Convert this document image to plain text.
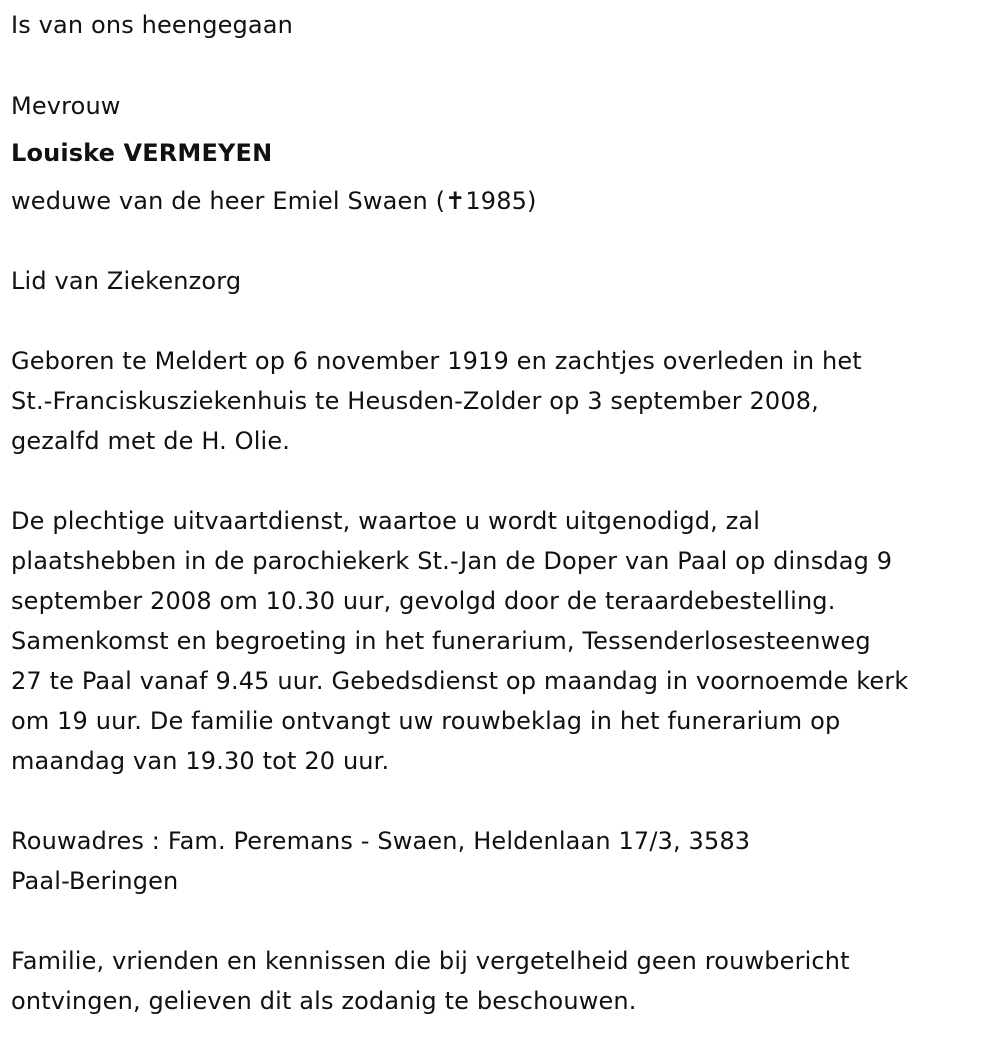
Is van ons heengegaan
Mevrouw
Louiske VERMEYEN
weduwe van de heer Emiel Swaen (✝1985)
Lid van Ziekenzorg
Geboren te Meldert op 6 november 1919 en zachtjes overleden in het
St.-Franciskusziekenhuis te Heusden-Zolder op 3 september 2008,
gezalfd met de H. Olie.
De plechtige uitvaartdienst, waartoe u wordt uitgenodigd, zal
plaatshebben in de parochiekerk St.-Jan de Doper van Paal op dinsdag 9
september 2008 om 10.30 uur, gevolgd door de teraardebestelling.
Samenkomst en begroeting in het funerarium, Tessenderlosesteenweg
27 te Paal vanaf 9.45 uur. Gebedsdienst op maandag in voornoemde kerk
om 19 uur. De familie ontvangt uw rouwbeklag in het funerarium op
maandag van 19.30 tot 20 uur.
Rouwadres : Fam. Peremans - Swaen, Heldenlaan 17/3, 3583
Paal-Beringen
Familie, vrienden en kennissen die bij vergetelheid geen rouwbericht
ontvingen, gelieven dit als zodanig te beschouwen.
